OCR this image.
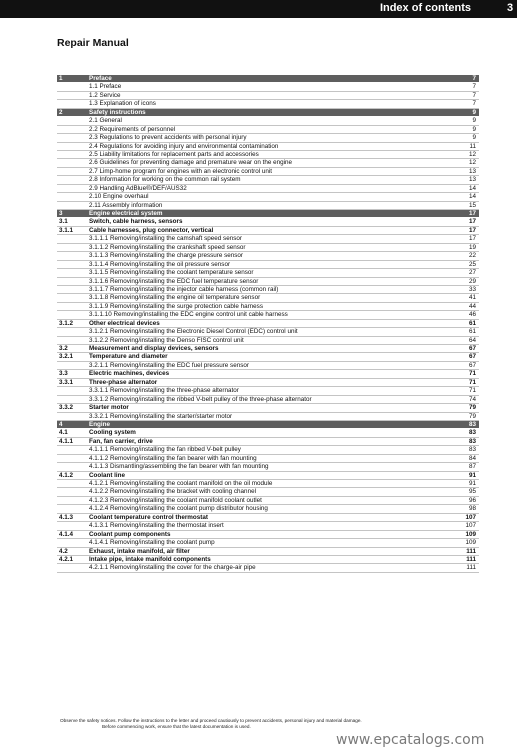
Index of contents	3
Repair Manual
1	Preface	7
1.1 Preface	7
1.2 Service	7
1.3 Explanation of icons	7
2	Safety instructions	9
2.1 General	9
2.2 Requirements of personnel	9
2.3 Regulations to prevent accidents with personal injury	9
2.4 Regulations for avoiding injury and environmental contamination	11
2.5 Liability limitations for replacement parts and accessories	12
2.6 Guidelines for preventing damage and premature wear on the engine	12
2.7 Limp-home program for engines with an electronic control unit	13
2.8 Information for working on the common rail system	13
2.9 Handling AdBlue®/DEF/AUS32	14
2.10 Engine overhaul	14
2.11 Assembly information	15
3	Engine electrical system	17
3.1	Switch, cable harness, sensors	17
3.1.1	Cable harnesses, plug connector, vertical	17
3.1.1.1 Removing/installing the camshaft speed sensor	17
3.1.1.2 Removing/installing the crankshaft speed sensor	19
3.1.1.3 Removing/installing the charge pressure sensor	22
3.1.1.4 Removing/installing the oil pressure sensor	25
3.1.1.5 Removing/installing the coolant temperature sensor	27
3.1.1.6 Removing/installing the EDC fuel temperature sensor	29
3.1.1.7 Removing/installing the injector cable harness (common rail)	33
3.1.1.8 Removing/installing the engine oil temperature sensor	41
3.1.1.9 Removing/installing the surge protection cable harness	44
3.1.1.10 Removing/installing the EDC engine control unit cable harness	46
3.1.2	Other electrical devices	61
3.1.2.1 Removing/installing the Electronic Diesel Control (EDC) control unit	61
3.1.2.2 Removing/installing the Denso FISC control unit	64
3.2	Measurement and display devices, sensors	67
3.2.1	Temperature and diameter	67
3.2.1.1 Removing/installing the EDC fuel pressure sensor	67
3.3	Electric machines, devices	71
3.3.1	Three-phase alternator	71
3.3.1.1 Removing/installing the three-phase alternator	71
3.3.1.2 Removing/installing the ribbed V-belt pulley of the three-phase alternator	74
3.3.2	Starter motor	79
3.3.2.1 Removing/installing the starter/starter motor	79
4	Engine	83
4.1	Cooling system	83
4.1.1	Fan, fan carrier, drive	83
4.1.1.1 Removing/installing the fan ribbed V-belt pulley	83
4.1.1.2 Removing/installing the fan bearer with fan mounting	84
4.1.1.3 Dismantling/assembling the fan bearer with fan mounting	87
4.1.2	Coolant line	91
4.1.2.1 Removing/installing the coolant manifold on the oil module	91
4.1.2.2 Removing/installing the bracket with cooling channel	95
4.1.2.3 Removing/installing the coolant manifold coolant outlet	96
4.1.2.4 Removing/installing the coolant pump distributor housing	98
4.1.3	Coolant temperature control thermostat	107
4.1.3.1 Removing/installing the thermostat insert	107
4.1.4	Coolant pump components	109
4.1.4.1 Removing/installing the coolant pump	109
4.2	Exhaust, intake manifold, air filter	111
4.2.1	Intake pipe, intake manifold components	111
4.2.1.1 Removing/installing the cover for the charge-air pipe	111
Observe the safety notices. Follow the instructions to the letter and proceed cautiously to prevent accidents, personal injury and material damage.
Before commencing work, ensure that the latest documentation is used.
www.epcatalogs.com
